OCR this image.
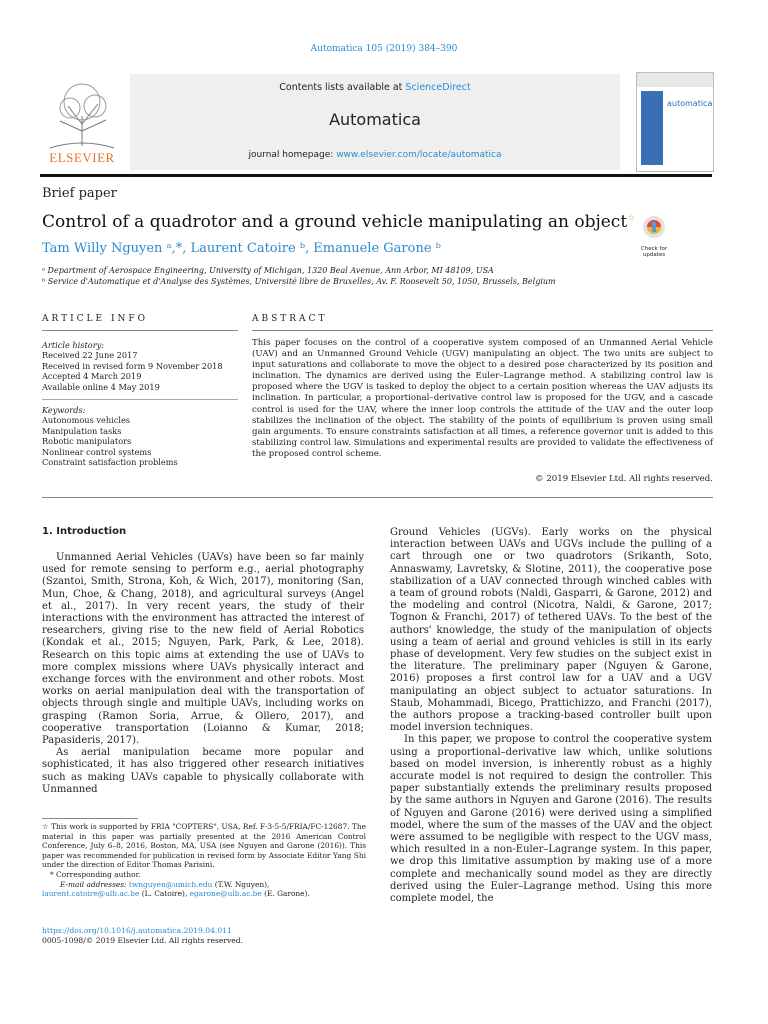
Automatica 105 (2019) 384–390
ELSEVIER
Contents lists available at ScienceDirect
Automatica
journal homepage: www.elsevier.com/locate/automatica
automatica
Brief paper
Control of a quadrotor and a ground vehicle manipulating an object☆
Check for updates
Tam Willy Nguyen ᵃ,*, Laurent Catoire ᵇ, Emanuele Garone ᵇ
ᵃ Department of Aerospace Engineering, University of Michigan, 1320 Beal Avenue, Ann Arbor, MI 48109, USA
ᵇ Service d'Automatique et d'Analyse des Systèmes, Université libre de Bruxelles, Av. F. Roosevelt 50, 1050, Brussels, Belgium
ARTICLE INFO	ABSTRACT
Article history:
Received 22 June 2017
Received in revised form 9 November 2018
Accepted 4 March 2019
Available online 4 May 2019
Keywords:
Autonomous vehicles
Manipulation tasks
Robotic manipulators
Nonlinear control systems
Constraint satisfaction problems
This paper focuses on the control of a cooperative system composed of an Unmanned Aerial Vehicle (UAV) and an Unmanned Ground Vehicle (UGV) manipulating an object. The two units are subject to input saturations and collaborate to move the object to a desired pose characterized by its position and inclination. The dynamics are derived using the Euler–Lagrange method. A stabilizing control law is proposed where the UGV is tasked to deploy the object to a certain position whereas the UAV adjusts its inclination. In particular, a proportional–derivative control law is proposed for the UGV, and a cascade control is used for the UAV, where the inner loop controls the attitude of the UAV and the outer loop stabilizes the inclination of the object. The stability of the points of equilibrium is proven using small gain arguments. To ensure constraints satisfaction at all times, a reference governor unit is added to this stabilizing control law. Simulations and experimental results are provided to validate the effectiveness of the proposed control scheme.
© 2019 Elsevier Ltd. All rights reserved.
1. Introduction
Unmanned Aerial Vehicles (UAVs) have been so far mainly used for remote sensing to perform e.g., aerial photography (Szantoi, Smith, Strona, Koh, & Wich, 2017), monitoring (San, Mun, Choe, & Chang, 2018), and agricultural surveys (Angel et al., 2017). In very recent years, the study of their interactions with the environment has attracted the interest of researchers, giving rise to the new field of Aerial Robotics (Kondak et al., 2015; Nguyen, Park, Park, & Lee, 2018). Research on this topic aims at extending the use of UAVs to more complex missions where UAVs physically interact and exchange forces with the environment and other robots. Most works on aerial manipulation deal with the transportation of objects through single and multiple UAVs, including works on grasping (Ramon Soria, Arrue, & Ollero, 2017), and cooperative transportation (Loianno & Kumar, 2018; Papasideris, 2017).
As aerial manipulation became more popular and sophisticated, it has also triggered other research initiatives such as making UAVs capable to physically collaborate with Unmanned
Ground Vehicles (UGVs). Early works on the physical interaction between UAVs and UGVs include the pulling of a cart through one or two quadrotors (Srikanth, Soto, Annaswamy, Lavretsky, & Slotine, 2011), the cooperative pose stabilization of a UAV connected through winched cables with a team of ground robots (Naldi, Gasparri, & Garone, 2012) and the modeling and control (Nicotra, Naldi, & Garone, 2017; Tognon & Franchi, 2017) of tethered UAVs. To the best of the authors' knowledge, the study of the manipulation of objects using a team of aerial and ground vehicles is still in its early phase of development. Very few studies on the subject exist in the literature. The preliminary paper (Nguyen & Garone, 2016) proposes a first control law for a UAV and a UGV manipulating an object subject to actuator saturations. In Staub, Mohammadi, Bicego, Prattichizzo, and Franchi (2017), the authors propose a tracking-based controller built upon model inversion techniques.
In this paper, we propose to control the cooperative system using a proportional–derivative law which, unlike solutions based on model inversion, is inherently robust as a highly accurate model is not required to design the controller. This paper substantially extends the preliminary results proposed by the same authors in Nguyen and Garone (2016). The results of Nguyen and Garone (2016) were derived using a simplified model, where the sum of the masses of the UAV and the object were assumed to be negligible with respect to the UGV mass, which resulted in a non-Euler–Lagrange system. In this paper, we drop this limitative assumption by making use of a more complete and mechanically sound model as they are directly derived using the Euler–Lagrange method. Using this more complete model, the
☆ This work is supported by FRIA "COPTERS", USA, Ref. F-3-5-5/FRIA/FC-12687. The material in this paper was partially presented at the 2016 American Control Conference, July 6–8, 2016, Boston, MA, USA (see Nguyen and Garone (2016)). This paper was recommended for publication in revised form by Associate Editor Yang Shi under the direction of Editor Thomas Parisini.
* Corresponding author.
E-mail addresses: twnguyen@umich.edu (T.W. Nguyen),
laurent.catoire@ulb.ac.be (L. Catoire), egarone@ulb.ac.be (E. Garone).
https://doi.org/10.1016/j.automatica.2019.04.011
0005-1098/© 2019 Elsevier Ltd. All rights reserved.
